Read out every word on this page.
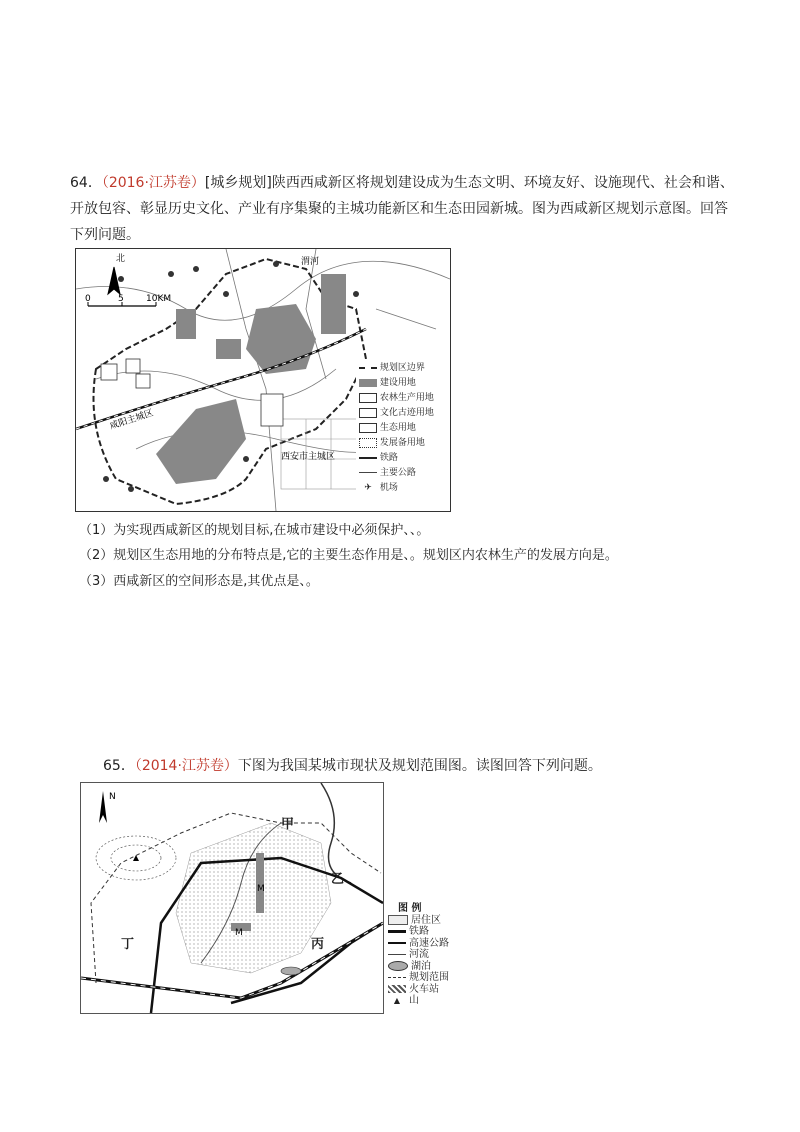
64．（2016·江苏卷）[城乡规划]陕西西咸新区将规划建设成为生态文明、环境友好、设施现代、社会和谐、开放包容、彰显历史文化、产业有序集聚的主城功能新区和生态田园新城。图为西咸新区规划示意图。回答下列问题。
北
0	5 10KM
渭河
咸阳主城区
西安市主城区
规划区边界
建设用地
农林生产用地
文化古迹用地
生态用地
发展备用地
铁路
主要公路
✈ 机场
（1）为实现西咸新区的规划目标,在城市建设中必须保护、、。
（2）规划区生态用地的分布特点是,它的主要生态作用是、。规划区内农林生产的发展方向是。
（3）西咸新区的空间形态是,其优点是、。
65．（2014·江苏卷）下图为我国某城市现状及规划范围图。读图回答下列问题。
N
M
M
甲
乙
丙
丁
图 例
居住区
铁路
高速公路
河流
湖泊
规划范围
火车站
▲ 山
